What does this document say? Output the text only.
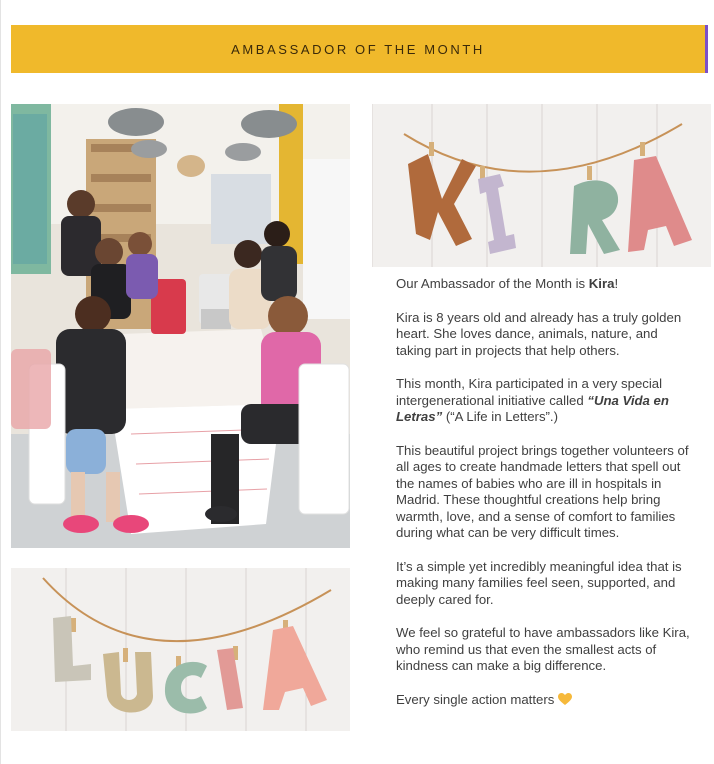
AMBASSADOR OF THE MONTH

Our Ambassador of the Month is Kira!

Kira is 8 years old and already has a truly golden heart. She loves dance, animals, nature, and taking part in projects that help others.

This month, Kira participated in a very special intergenerational initiative called “Una Vida en Letras” (“A Life in Letters”.)

This beautiful project brings together volunteers of all ages to create handmade letters that spell out the names of babies who are ill in hospitals in Madrid. These thoughtful creations help bring warmth, love, and a sense of comfort to families during what can be very difficult times.

It’s a simple yet incredibly meaningful idea that is making many families feel seen, supported, and deeply cared for.

We feel so grateful to have ambassadors like Kira, who remind us that even the smallest acts of kindness can make a big difference.

Every single action matters
